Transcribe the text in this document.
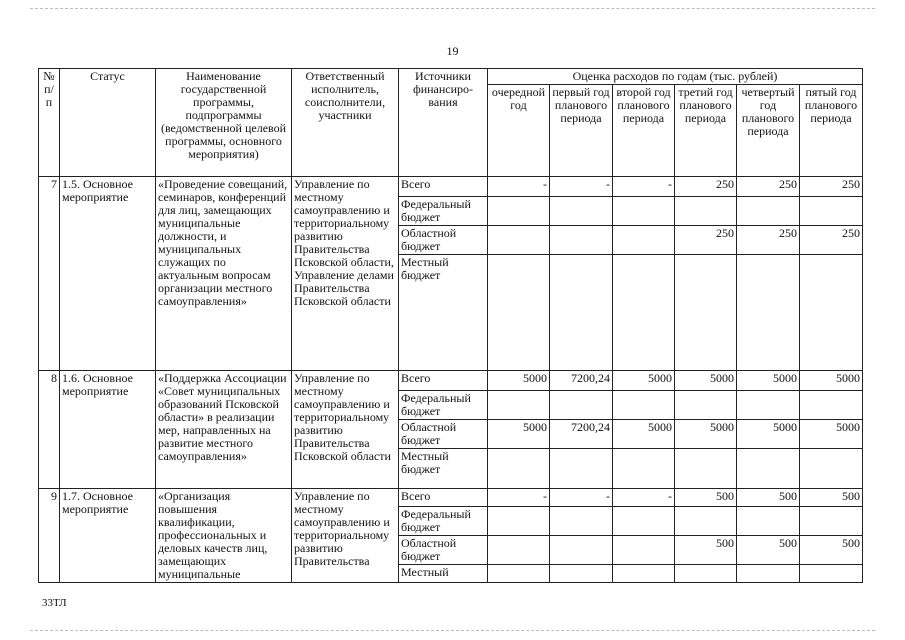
19
№ п/п	Статус	Наименование государственной программы, подпрограммы (ведомственной целевой программы, основного мероприятия)	Ответственный исполнитель, соисполнители, участники	Источники финансиро-вания	Оценка расходов по годам (тыс. рублей)					
					очередной год	первый год планового периода	второй год планового периода	третий год планового периода	четвертый год планового периода	пятый год планового периода
7	1.5. Основное мероприятие	«Проведение совещаний, семинаров, конференций для лиц, замещающих муниципальные должности, и муниципальных служащих по актуальным вопросам организации местного самоуправления»	Управление по местному самоуправлению и территориальному развитию Правительства Псковской области, Управление делами Правительства Псковской области	Всего	-	-	-	250	250	250
				Федеральный бюджет						
				Областной бюджет				250	250	250
				Местный бюджет						
8	1.6. Основное мероприятие	«Поддержка Ассоциации «Совет муниципальных образований Псковской области» в реализации мер, направленных на развитие местного самоуправления»	Управление по местному самоуправлению и территориальному развитию Правительства Псковской области	Всего	5000	7200,24	5000	5000	5000	5000
				Федеральный бюджет						
				Областной бюджет	5000	7200,24	5000	5000	5000	5000
				Местный бюджет						
9	1.7. Основное мероприятие	«Организация повышения квалификации, профессиональных и деловых качеств лиц, замещающих муниципальные	Управление по местному самоуправлению и территориальному развитию Правительства	Всего	-	-	-	500	500	500
				Федеральный бюджет						
				Областной бюджет				500	500	500
				Местный						
33ТЛ
